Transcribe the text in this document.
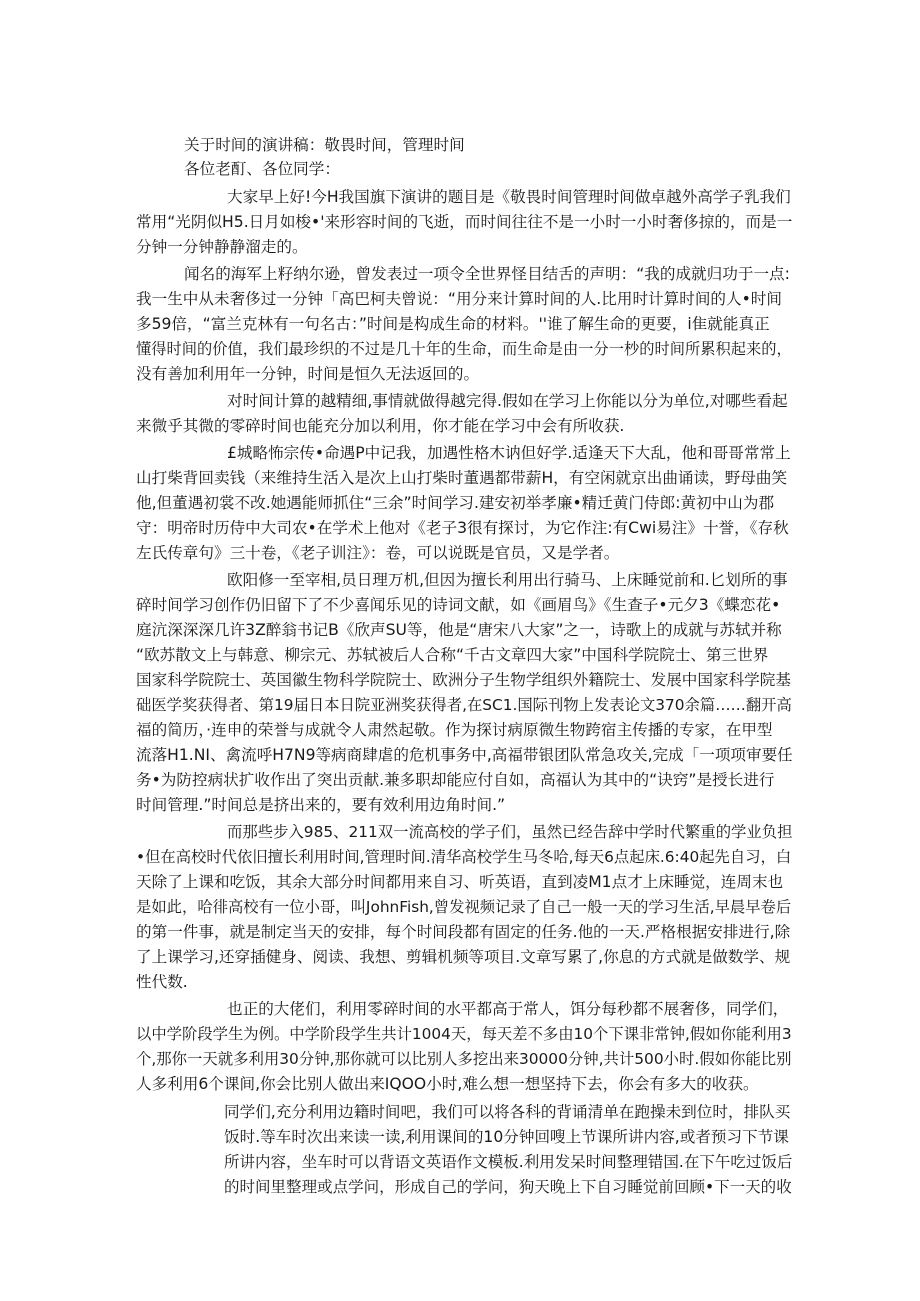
关于时间的演讲稿：敬畏时间，管理时间

各位老酊、各位同学：

大家早上好!今H我国旗下演讲的题目是《敬畏时间管理时间做卓越外高学子乳我们

常用“光阴似H5.日月如梭•'来形容时间的飞逝，而时间往往不是一小时一小时奢侈掠的，而是一

分钟一分钟静静溜走的。

闻名的海军上籽纳尔逊，曾发表过一项令全世界怪目结舌的声明：“我的成就归功于一点:

我一生中从未奢侈过一分钟「高巴柯夫曾说：“用分来计算时间的人.比用时计算时间的人•时间

多59倍，“富兰克林有一句名古：”时间是构成生命的材料。''谁了解生命的更要，i隹就能真正

懂得时间的价值，我们最珍织的不过是几十年的生命，而生命是由一分一杪的时间所累积起来的，

没有善加利用年一分钟，时间是恒久无法返回的。

对时间计算的越精细,事情就做得越完得.假如在学习上你能以分为单位,对哪些看起

来微乎其微的零碎时间也能充分加以利用，你才能在学习中会有所收获.

£城略怖宗传•命遇P中记我，加遇性格木讷但好学.适逢天下大乱，他和哥哥常常上

山打柴背回卖钱（来维持生活入是次上山打柴时董遇都带薪H，有空闲就京出曲诵读，野母曲笑

他,但董遇初裳不改.她遇能师抓住“三余”时间学习.建安初举孝廉•精迁黄门侍郎:黄初中山为郡

守：明帝时历侍中大司农•在学术上他对《老子3很有探讨，为它作注:有Cwi易注》十誉，《存秋

左氏传章句》三十卷，《老子训注》：卷，可以说既是官员，又是学者。

欧阳修一至宰相,员日理万机,但因为擅长利用出行骑马、上床睡觉前和.匕划所的事

碎时间学习创作仍旧留下了不少喜闻乐见的诗词文献，如《画眉鸟》《生查子•元夕3《蝶恋花•

庭沆深深深几许3Z醉翁书记B《欣声SU等，他是“唐宋八大家”之一，诗歌上的成就与苏轼并称

“欧苏散文上与韩意、柳宗元、苏轼被后人合称“千古文章四大家”中国科学院院士、第三世界

国家科学院院士、英国徽生物科学院院士、欧洲分子生物学组织外籍院士、发展中国家科学院基

础医学奖获得者、第19届日本日院亚洲奖获得者,在SC1.国际刊物上发表论文370余篇……翻开高

福的简历，·连申的荣誉与成就令人肃然起敬。作为探讨病原微生物跨宿主传播的专家，在甲型

流落H1.NI、禽流呼H7N9等病商肆虐的危机事务中,高福带银团队常急攻关,完成「一项项审要任

务•为防控病状扩收作出了突出贡献.兼多职却能应付自如，高福认为其中的“诀窍”是授长进行

时间管理.”时间总是挤出来的，要有效利用边角时间.”

而那些步入985、211双一流高校的学子们，虽然已经告辞中学时代繁重的学业负担

•但在高校时代依旧擅长利用时间,管理时间.清华高校学生马冬哈,每天6点起床.6:40起先自习，白

天除了上课和吃饭，其余大部分时间都用来自习、听英语，直到凌M1点才上床睡觉，连周末也

是如此，哈徘高校有一位小哥，叫JohnFish,曾发视频记录了自己一般一天的学习生活,早晨早卷后

的第一件事，就是制定当天的安排，每个时间段都有固定的任务.他的一天.严格根据安排进行,除

了上课学习,还穿插健身、阅读、我想、剪辑机频等项目.文章写累了,你息的方式就是做数学、规

性代数.

也正的大佬们，利用零碎时间的水平都高于常人，饵分每秒都不展奢侈，同学们，

以中学阶段学生为例。中学阶段学生共计1004天，每天差不多由10个下课非常钟,假如你能利用3

个,那你一天就多利用30分钟,那你就可以比别人多挖出来30000分钟,共计500小时.假如你能比别

人多利用6个课间,你会比别人做出来IQOO小时,难么想一想坚持下去，你会有多大的收获。

同学们,充分利用边籍时间吧，我们可以将各科的背诵清单在跑操未到位时，排队买

饭时.等车时次出来读一读,利用课间的10分钟回嗖上节课所讲内容,或者预习下节课

所讲内容，坐车时可以背语文英语作文模板.利用发呆时间整理错国.在下午吃过饭后

的时间里整理或点学问，形成自己的学问，狗天晚上下自习睡觉前回顾•下一天的收
